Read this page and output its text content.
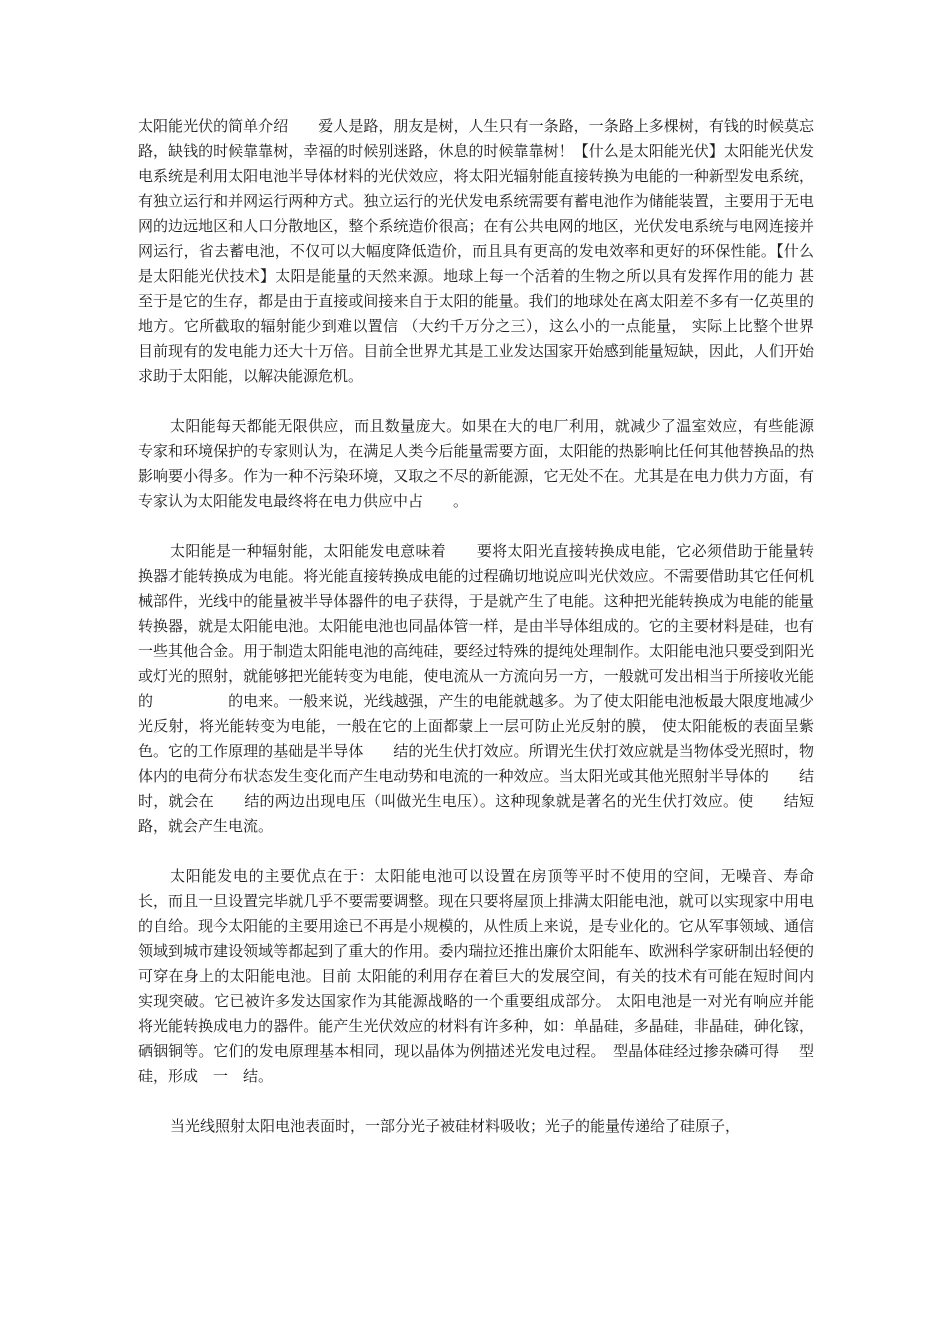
太阳能光伏的简单介绍　　爱人是路，朋友是树，人生只有一条路，一条路上多棵树，有钱的时候莫忘路，缺钱的时候靠靠树，幸福的时候别迷路，休息的时候靠靠树！【什么是太阳能光伏】太阳能光伏发电系统是利用太阳电池半导体材料的光伏效应，将太阳光辐射能直接转换为电能的一种新型发电系统，有独立运行和并网运行两种方式。独立运行的光伏发电系统需要有蓄电池作为储能装置，主要用于无电网的边远地区和人口分散地区，整个系统造价很高；在有公共电网的地区，光伏发电系统与电网连接并网运行，省去蓄电池，不仅可以大幅度降低造价，而且具有更高的发电效率和更好的环保性能。【什么是太阳能光伏技术】太阳是能量的天然来源。地球上每一个活着的生物之所以具有发挥作用的能力 甚至于是它的生存，都是由于直接或间接来自于太阳的能量。我们的地球处在离太阳差不多有一亿英里的地方。它所截取的辐射能少到难以置信 （大约千万分之三），这么小的一点能量， 实际上比整个世界目前现有的发电能力还大十万倍。目前全世界尤其是工业发达国家开始感到能量短缺，因此，人们开始求助于太阳能，以解决能源危机。

太阳能每天都能无限供应，而且数量庞大。如果在大的电厂利用，就减少了温室效应，有些能源专家和环境保护的专家则认为，在满足人类今后能量需要方面，太阳能的热影响比任何其他替换品的热影响要小得多。作为一种不污染环境，又取之不尽的新能源，它无处不在。尤其是在电力供力方面，有专家认为太阳能发电最终将在电力供应中占　　。

太阳能是一种辐射能，太阳能发电意味着　　要将太阳光直接转换成电能，它必须借助于能量转换器才能转换成为电能。将光能直接转换成电能的过程确切地说应叫光伏效应。不需要借助其它任何机械部件，光线中的能量被半导体器件的电子获得，于是就产生了电能。这种把光能转换成为电能的能量转换器，就是太阳能电池。太阳能电池也同晶体管一样，是由半导体组成的。它的主要材料是硅，也有一些其他合金。用于制造太阳能电池的高纯硅，要经过特殊的提纯处理制作。太阳能电池只要受到阳光或灯光的照射，就能够把光能转变为电能，使电流从一方流向另一方，一般就可发出相当于所接收光能的　　　　　的电来。一般来说，光线越强，产生的电能就越多。为了使太阳能电池板最大限度地减少光反射，将光能转变为电能，一般在它的上面都蒙上一层可防止光反射的膜， 使太阳能板的表面呈紫色。它的工作原理的基础是半导体　　结的光生伏打效应。所谓光生伏打效应就是当物体受光照时，物体内的电荷分布状态发生变化而产生电动势和电流的一种效应。当太阳光或其他光照射半导体的　　结时，就会在　　结的两边出现电压（叫做光生电压）。这种现象就是著名的光生伏打效应。使　　结短路，就会产生电流。

太阳能发电的主要优点在于：太阳能电池可以设置在房顶等平时不使用的空间，无噪音、寿命长，而且一旦设置完毕就几乎不要需要调整。现在只要将屋顶上排满太阳能电池，就可以实现家中用电的自给。现今太阳能的主要用途已不再是小规模的，从性质上来说，是专业化的。它从军事领域、通信领域到城市建设领域等都起到了重大的作用。委内瑞拉还推出廉价太阳能车、欧洲科学家研制出轻便的可穿在身上的太阳能电池。目前 太阳能的利用存在着巨大的发展空间，有关的技术有可能在短时间内实现突破。它已被许多发达国家作为其能源战略的一个重要组成部分。 太阳电池是一对光有响应并能将光能转换成电力的器件。能产生光伏效应的材料有许多种，如：单晶硅，多晶硅，非晶硅，砷化镓，硒铟铜等。它们的发电原理基本相同，现以晶体为例描述光发电过程。　型晶体硅经过掺杂磷可得　 型硅，形成　一　结。

当光线照射太阳电池表面时，一部分光子被硅材料吸收；光子的能量传递给了硅原子，
